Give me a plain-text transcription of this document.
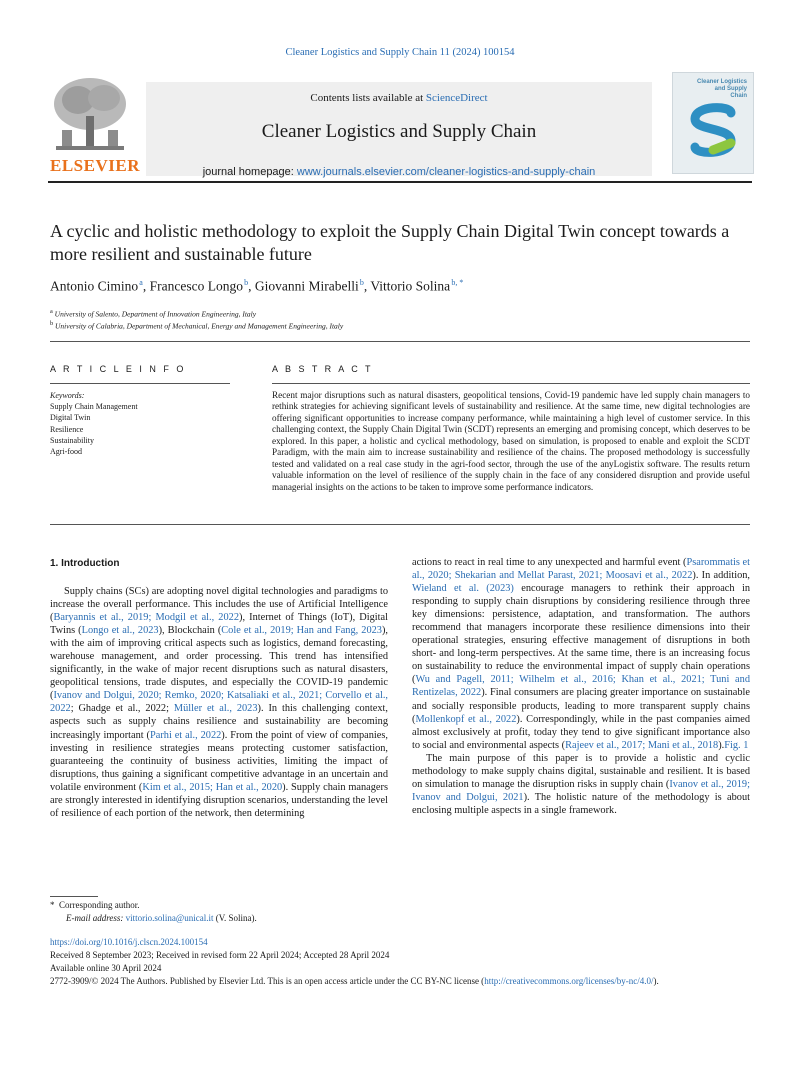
Cleaner Logistics and Supply Chain 11 (2024) 100154
ELSEVIER
Contents lists available at ScienceDirect
Cleaner Logistics and Supply Chain
journal homepage: www.journals.elsevier.com/cleaner-logistics-and-supply-chain
Cleaner Logistics and Supply Chain
A cyclic and holistic methodology to exploit the Supply Chain Digital Twin concept towards a more resilient and sustainable future
Antonio Cimino $^a$, Francesco Longo $^b$, Giovanni Mirabelli $^b$, Vittorio Solina $^{b, *}$
$^a$ University of Salento, Department of Innovation Engineering, Italy
$^b$ University of Calabria, Department of Mechanical, Energy and Management Engineering, Italy
A R T I C L E I N F O	A B S T R A C T
Keywords:
Supply Chain Management
Digital Twin
Resilience
Sustainability
Agri-food
Recent major disruptions such as natural disasters, geopolitical tensions, Covid-19 pandemic have led supply chain managers to rethink strategies for achieving significant levels of sustainability and resilience. At the same time, new digital technologies are offering significant opportunities to increase company performance, while maintaining a high level of customer service. In this challenging context, the Supply Chain Digital Twin (SCDT) represents an emerging and promising concept, which deserves to be explored. In this paper, a holistic and cyclical methodology, based on simulation, is proposed to enable and exploit the SCDT Paradigm, with the main aim to increase sustainability and resilience of the chains. The proposed methodology is successfully tested and validated on a real case study in the agri-food sector, through the use of the anyLogistix software. The results return valuable information on the level of resilience of the supply chain in the face of any considered disruption and provide useful managerial insights on the actions to be taken to improve some performance indicators.
1. Introduction

Supply chains (SCs) are adopting novel digital technologies and paradigms to increase the overall performance. This includes the use of Artificial Intelligence (Baryannis et al., 2019; Modgil et al., 2022), Internet of Things (IoT), Digital Twins (Longo et al., 2023), Blockchain (Cole et al., 2019; Han and Fang, 2023), with the aim of improving critical aspects such as logistics, demand forecasting, warehouse management, and order processing. This trend has intensified significantly, in the wake of major recent disruptions such as natural disasters, geopolitical tensions, trade disputes, and especially the COVID-19 pandemic (Ivanov and Dolgui, 2020; Remko, 2020; Katsaliaki et al., 2021; Corvello et al., 2022; Ghadge et al., 2022; Müller et al., 2023). In this challenging context, aspects such as supply chains resilience and sustainability are becoming increasingly important (Parhi et al., 2022). From the point of view of companies, investing in resilience strategies means protecting customer satisfaction, guaranteeing the continuity of business activities, limiting the impact of disruptions, thus gaining a significant competitive advantage in an uncertain and volatile environment (Kim et al., 2015; Han et al., 2020). Supply chain managers are strongly interested in identifying disruption scenarios, understanding the level of resilience of each portion of the network, then determining

actions to react in real time to any unexpected and harmful event (Psarommatis et al., 2020; Shekarian and Mellat Parast, 2021; Moosavi et al., 2022). In addition, Wieland et al. (2023) encourage managers to rethink their approach in responding to supply chain disruptions by considering resilience through three key dimensions: persistence, adaptation, and transformation. The authors recommend that managers incorporate these resilience dimensions into their operational strategies, ensuring effective management of disruptions in both short- and long-term perspectives. At the same time, there is an increasing focus on sustainability to reduce the environmental impact of supply chain operations (Wu and Pagell, 2011; Wilhelm et al., 2016; Khan et al., 2021; Tuni and Rentizelas, 2022). Final consumers are placing greater importance on sustainable and socially responsible products, leading to more transparent supply chains (Mollenkopf et al., 2022). Correspondingly, while in the past companies aimed almost exclusively at profit, today they tend to give significant importance also to social and environmental aspects (Rajeev et al., 2017; Mani et al., 2018).Fig. 1

The main purpose of this paper is to provide a holistic and cyclic methodology to make supply chains digital, sustainable and resilient. It is based on simulation to manage the disruption risks in supply chain (Ivanov et al., 2019; Ivanov and Dolgui, 2021). The holistic nature of the methodology is about enclosing multiple aspects in a single framework.

* Corresponding author.
E-mail address: vittorio.solina@unical.it (V. Solina).
https://doi.org/10.1016/j.clscn.2024.100154
Received 8 September 2023; Received in revised form 22 April 2024; Accepted 28 April 2024
Available online 30 April 2024
2772-3909/© 2024 The Authors. Published by Elsevier Ltd. This is an open access article under the CC BY-NC license (http://creativecommons.org/licenses/by-nc/4.0/).
